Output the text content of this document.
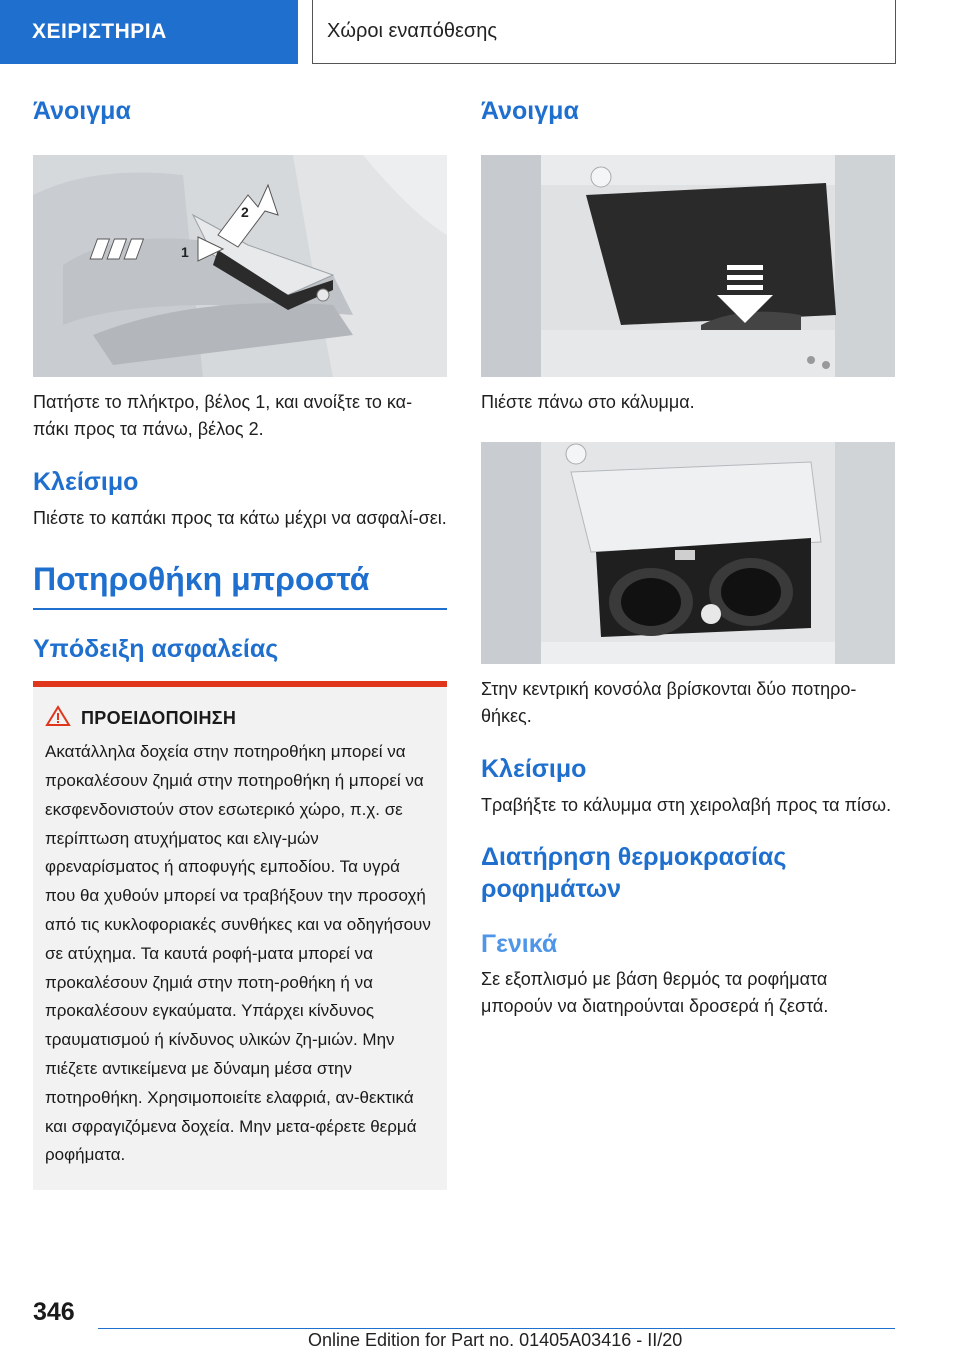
ΧΕΙΡΙΣΤΗΡΙΑ	Χώροι εναπόθεσης
Άνοιγμα
1
2

Πατήστε το πλήκτρο, βέλος 1, και ανοίξτε το κα-πάκι προς τα πάνω, βέλος 2.

Κλείσιμο

Πιέστε το καπάκι προς τα κάτω μέχρι να ασφαλί-σει.

Ποτηροθήκη μπροστά
Υπόδειξη ασφαλείας
ΠΡΟΕΙΔΟΠΟΙΗΣΗ

Ακατάλληλα δοχεία στην ποτηροθήκη μπορεί να προκαλέσουν ζημιά στην ποτηροθήκη ή μπορεί να εκσφενδονιστούν στον εσωτερικό χώρο, π.χ. σε περίπτωση ατυχήματος και ελιγ-μών φρεναρίσματος ή αποφυγής εμποδίου. Τα υγρά που θα χυθούν μπορεί να τραβήξουν την προσοχή από τις κυκλοφοριακές συνθήκες και να οδηγήσουν σε ατύχημα. Τα καυτά ροφή-ματα μπορεί να προκαλέσουν ζημιά στην ποτη-ροθήκη ή να προκαλέσουν εγκαύματα. Υπάρχει κίνδυνος τραυματισμού ή κίνδυνος υλικών ζη-μιών. Μην πιέζετε αντικείμενα με δύναμη μέσα στην ποτηροθήκη. Χρησιμοποιείτε ελαφριά, αν-θεκτικά και σφραγιζόμενα δοχεία. Μην μετα-φέρετε θερμά ροφήματα.

Άνοιγμα

Πιέστε πάνω στο κάλυμμα.

Στην κεντρική κονσόλα βρίσκονται δύο ποτηρο-θήκες.

Κλείσιμο

Τραβήξτε το κάλυμμα στη χειρολαβή προς τα πίσω.

Διατήρηση θερμοκρασίας ροφημάτων
Γενικά

Σε εξοπλισμό με βάση θερμός τα ροφήματα μπορούν να διατηρούνται δροσερά ή ζεστά.

346
Online Edition for Part no. 01405A03416 - II/20
